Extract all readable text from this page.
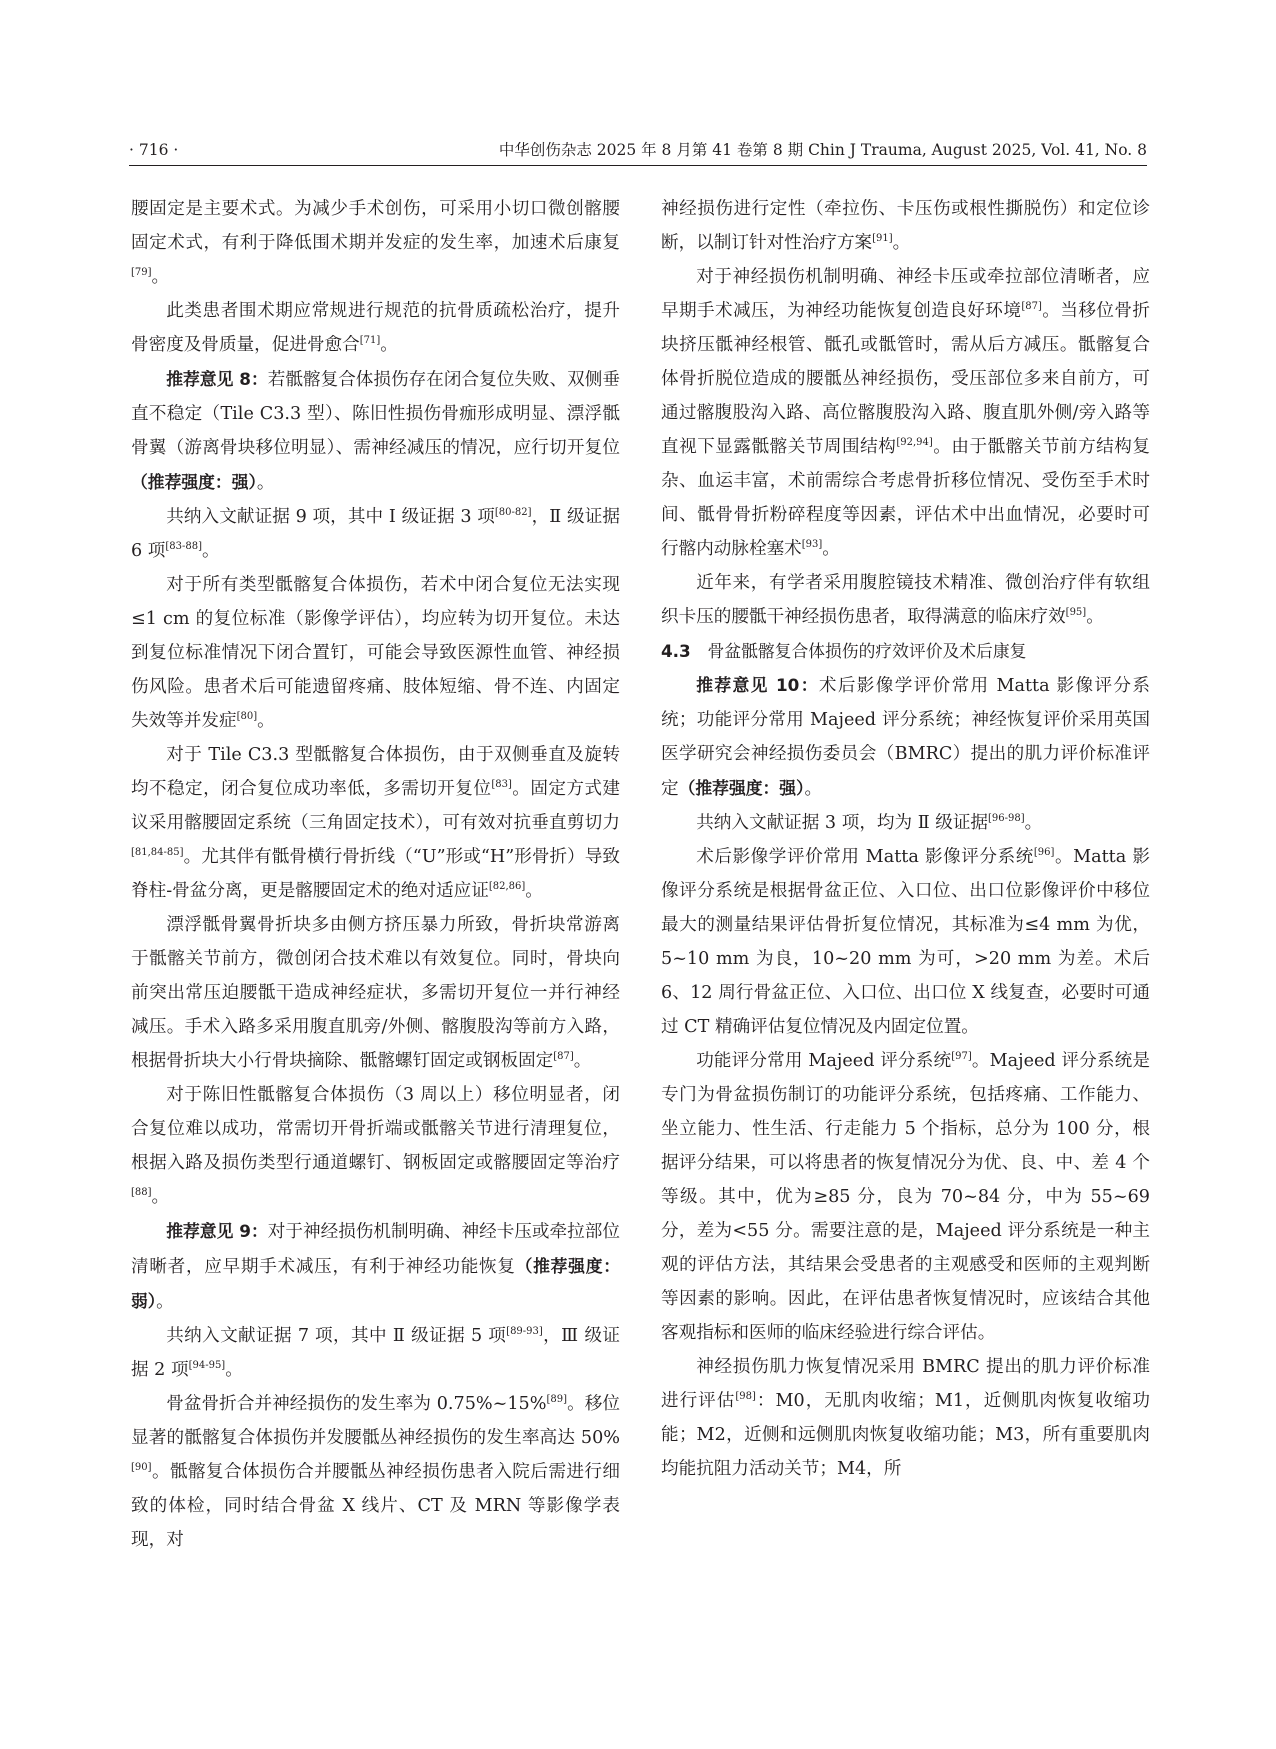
· 716 ·	中华创伤杂志 2025 年 8 月第 41 卷第 8 期 Chin J Trauma, August 2025, Vol. 41, No. 8

腰固定是主要术式。为减少手术创伤，可采用小切口微创髂腰固定术式，有利于降低围术期并发症的发生率，加速术后康复[79]。

此类患者围术期应常规进行规范的抗骨质疏松治疗，提升骨密度及骨质量，促进骨愈合[71]。

推荐意见 8：若骶髂复合体损伤存在闭合复位失败、双侧垂直不稳定（Tile C3.3 型）、陈旧性损伤骨痂形成明显、漂浮骶骨翼（游离骨块移位明显）、需神经减压的情况，应行切开复位（推荐强度：强）。

共纳入文献证据 9 项，其中 Ⅰ 级证据 3 项[80-82]，Ⅱ 级证据 6 项[83-88]。

对于所有类型骶髂复合体损伤，若术中闭合复位无法实现≤1 cm 的复位标准（影像学评估），均应转为切开复位。未达到复位标准情况下闭合置钉，可能会导致医源性血管、神经损伤风险。患者术后可能遗留疼痛、肢体短缩、骨不连、内固定失效等并发症[80]。

对于 Tile C3.3 型骶髂复合体损伤，由于双侧垂直及旋转均不稳定，闭合复位成功率低，多需切开复位[83]。固定方式建议采用髂腰固定系统（三角固定技术），可有效对抗垂直剪切力[81,84-85]。尤其伴有骶骨横行骨折线（“U”形或“H”形骨折）导致脊柱-骨盆分离，更是髂腰固定术的绝对适应证[82,86]。

漂浮骶骨翼骨折块多由侧方挤压暴力所致，骨折块常游离于骶髂关节前方，微创闭合技术难以有效复位。同时，骨块向前突出常压迫腰骶干造成神经症状，多需切开复位一并行神经减压。手术入路多采用腹直肌旁/外侧、髂腹股沟等前方入路，根据骨折块大小行骨块摘除、骶髂螺钉固定或钢板固定[87]。

对于陈旧性骶髂复合体损伤（3 周以上）移位明显者，闭合复位难以成功，常需切开骨折端或骶髂关节进行清理复位，根据入路及损伤类型行通道螺钉、钢板固定或髂腰固定等治疗[88]。

推荐意见 9：对于神经损伤机制明确、神经卡压或牵拉部位清晰者，应早期手术减压，有利于神经功能恢复（推荐强度：弱）。

共纳入文献证据 7 项，其中 Ⅱ 级证据 5 项[89-93]，Ⅲ 级证据 2 项[94-95]。

骨盆骨折合并神经损伤的发生率为 0.75%~15%[89]。移位显著的骶髂复合体损伤并发腰骶丛神经损伤的发生率高达 50%[90]。骶髂复合体损伤合并腰骶丛神经损伤患者入院后需进行细致的体检，同时结合骨盆 X 线片、CT 及 MRN 等影像学表现，对

神经损伤进行定性（牵拉伤、卡压伤或根性撕脱伤）和定位诊断，以制订针对性治疗方案[91]。

对于神经损伤机制明确、神经卡压或牵拉部位清晰者，应早期手术减压，为神经功能恢复创造良好环境[87]。当移位骨折块挤压骶神经根管、骶孔或骶管时，需从后方减压。骶髂复合体骨折脱位造成的腰骶丛神经损伤，受压部位多来自前方，可通过髂腹股沟入路、高位髂腹股沟入路、腹直肌外侧/旁入路等直视下显露骶髂关节周围结构[92,94]。由于骶髂关节前方结构复杂、血运丰富，术前需综合考虑骨折移位情况、受伤至手术时间、骶骨骨折粉碎程度等因素，评估术中出血情况，必要时可行髂内动脉栓塞术[93]。

近年来，有学者采用腹腔镜技术精准、微创治疗伴有软组织卡压的腰骶干神经损伤患者，取得满意的临床疗效[95]。

4.3 骨盆骶髂复合体损伤的疗效评价及术后康复

推荐意见 10：术后影像学评价常用 Matta 影像评分系统；功能评分常用 Majeed 评分系统；神经恢复评价采用英国医学研究会神经损伤委员会（BMRC）提出的肌力评价标准评定（推荐强度：强）。

共纳入文献证据 3 项，均为 Ⅱ 级证据[96-98]。

术后影像学评价常用 Matta 影像评分系统[96]。Matta 影像评分系统是根据骨盆正位、入口位、出口位影像评价中移位最大的测量结果评估骨折复位情况，其标准为≤4 mm 为优，5~10 mm 为良，10~20 mm 为可，>20 mm 为差。术后 6、12 周行骨盆正位、入口位、出口位 X 线复查，必要时可通过 CT 精确评估复位情况及内固定位置。

功能评分常用 Majeed 评分系统[97]。Majeed 评分系统是专门为骨盆损伤制订的功能评分系统，包括疼痛、工作能力、坐立能力、性生活、行走能力 5 个指标，总分为 100 分，根据评分结果，可以将患者的恢复情况分为优、良、中、差 4 个等级。其中，优为≥85 分，良为 70~84 分，中为 55~69 分，差为<55 分。需要注意的是，Majeed 评分系统是一种主观的评估方法，其结果会受患者的主观感受和医师的主观判断等因素的影响。因此，在评估患者恢复情况时，应该结合其他客观指标和医师的临床经验进行综合评估。

神经损伤肌力恢复情况采用 BMRC 提出的肌力评价标准进行评估[98]：M0，无肌肉收缩；M1，近侧肌肉恢复收缩功能；M2，近侧和远侧肌肉恢复收缩功能；M3，所有重要肌肉均能抗阻力活动关节；M4，所
